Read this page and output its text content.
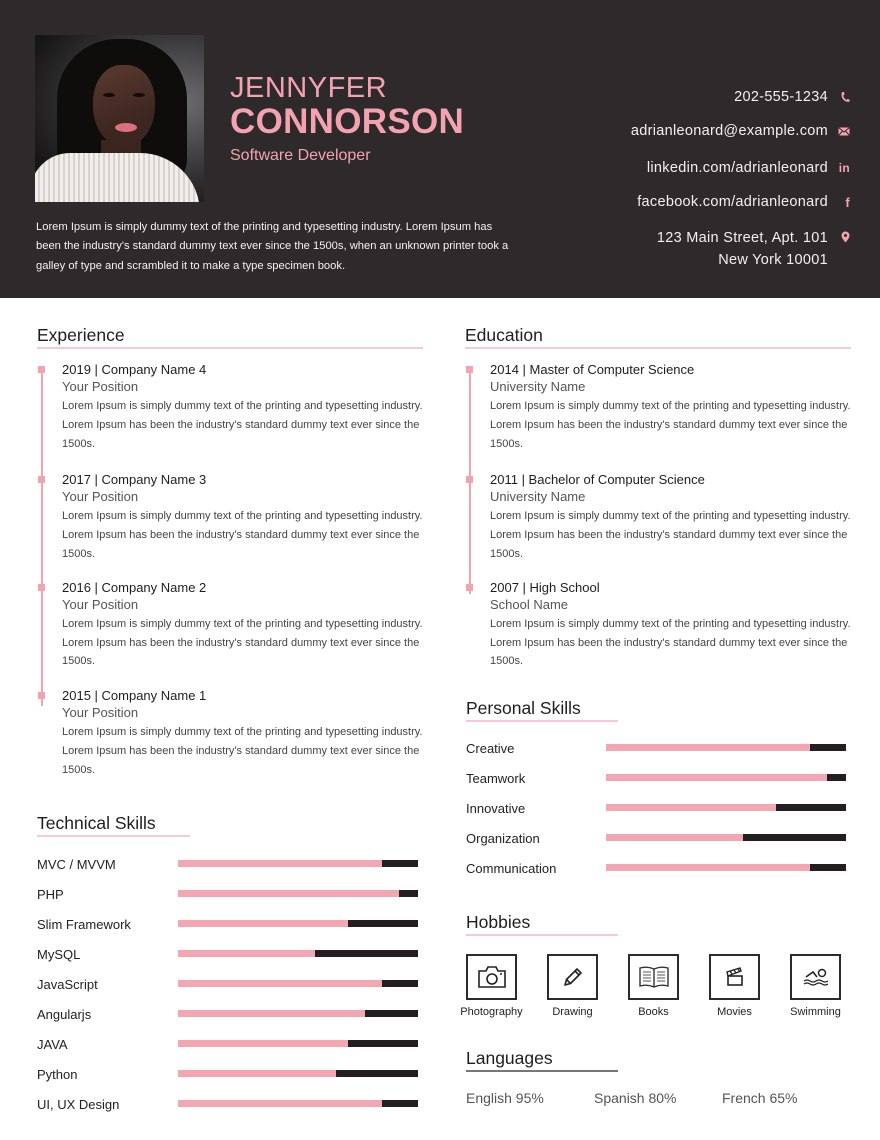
JENNYFER
CONNORSON
Software Developer
Lorem Ipsum is simply dummy text of the printing and typesetting industry. Lorem Ipsum has been the industry's standard dummy text ever since the 1500s, when an unknown printer took a galley of type and scrambled it to make a type specimen book.
202-555-1234
adrianleonard@example.com
linkedin.com/adrianleonard in
facebook.com/adrianleonard	f
123 Main Street, Apt. 101
New York 10001
Experience
2019 | Company Name 4
Your Position
Lorem Ipsum is simply dummy text of the printing and typesetting industry. Lorem Ipsum has been the industry's standard dummy text ever since the 1500s.
2017 | Company Name 3
Your Position
Lorem Ipsum is simply dummy text of the printing and typesetting industry. Lorem Ipsum has been the industry's standard dummy text ever since the 1500s.
2016 | Company Name 2
Your Position
Lorem Ipsum is simply dummy text of the printing and typesetting industry. Lorem Ipsum has been the industry's standard dummy text ever since the 1500s.
2015 | Company Name 1
Your Position
Lorem Ipsum is simply dummy text of the printing and typesetting industry. Lorem Ipsum has been the industry's standard dummy text ever since the 1500s.
Technical Skills
MVC / MVVM
PHP
Slim Framework
MySQL
JavaScript
Angularjs
JAVA
Python
UI, UX Design
Education
2014 | Master of Computer Science
University Name
Lorem Ipsum is simply dummy text of the printing and typesetting industry. Lorem Ipsum has been the industry's standard dummy text ever since the 1500s.
2011 | Bachelor of Computer Science
University Name
Lorem Ipsum is simply dummy text of the printing and typesetting industry. Lorem Ipsum has been the industry's standard dummy text ever since the 1500s.
2007 | High School
School Name
Lorem Ipsum is simply dummy text of the printing and typesetting industry. Lorem Ipsum has been the industry's standard dummy text ever since the 1500s.
Personal Skills
Creative
Teamwork
Innovative
Organization
Communication
Hobbies
Photography	Drawing	Books	Movies	Swimming
Languages
English 95%	Spanish 80%	French 65%
